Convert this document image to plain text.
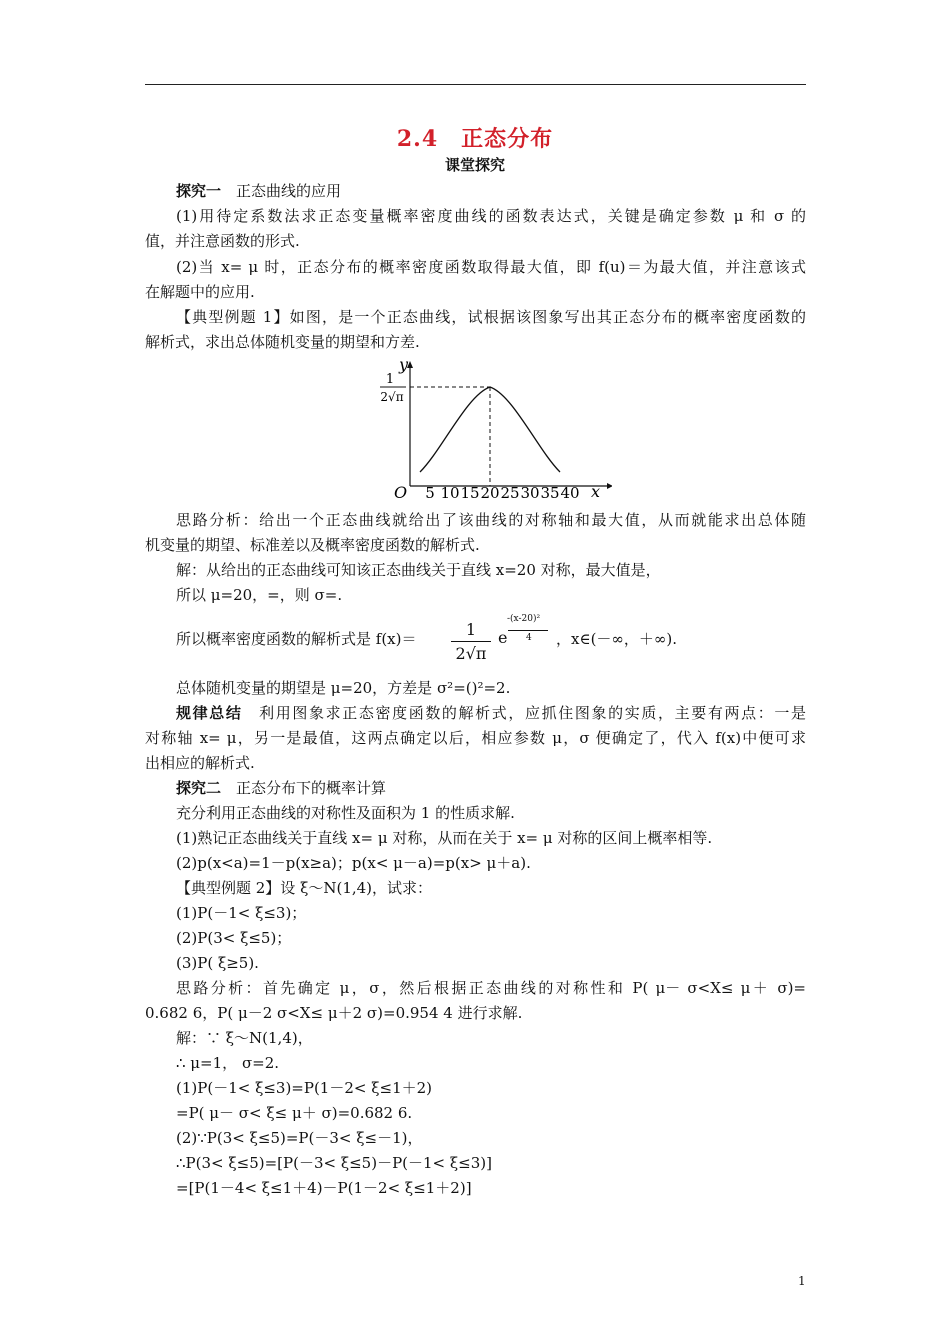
2.4　正态分布
课堂探究
探究一　正态曲线的应用
(1)用待定系数法求正态变量概率密度曲线的函数表达式，关键是确定参数 μ 和 σ 的
值，并注意函数的形式.
(2)当 x= μ 时，正态分布的概率密度函数取得最大值，即 f(u)＝为最大值，并注意该式
在解题中的应用.
【典型例题 1】如图，是一个正态曲线，试根据该图象写出其正态分布的概率密度函数的
解析式，求出总体随机变量的期望和方差.
y
x
O
1
2√π
5 10 15 20 25 30 35 40
思路分析：给出一个正态曲线就给出了该曲线的对称轴和最大值，从而就能求出总体随
机变量的期望、标准差以及概率密度函数的解析式.
解：从给出的正态曲线可知该正态曲线关于直线 x=20 对称，最大值是，
所以 μ=20，=，则 σ=.
所以概率密度函数的解析式是 f(x)＝	1
2√π
e
-(x-20)²
4 ，x∈(－∞，＋∞).
总体随机变量的期望是 μ=20，方差是 σ²=()²=2.
规律总结　利用图象求正态密度函数的解析式，应抓住图象的实质，主要有两点：一是
对称轴 x= μ，另一是最值，这两点确定以后，相应参数 μ，σ 便确定了，代入 f(x)中便可求
出相应的解析式.
探究二　正态分布下的概率计算
充分利用正态曲线的对称性及面积为 1 的性质求解.
(1)熟记正态曲线关于直线 x= μ 对称，从而在关于 x= μ 对称的区间上概率相等.
(2)p(x<a)=1－p(x≥a)；p(x< μ－a)=p(x> μ＋a).
【典型例题 2】设 ξ～N(1,4)，试求：
(1)P(－1< ξ≤3)；
(2)P(3< ξ≤5)；
(3)P( ξ≥5).
思路分析：首先确定 μ，σ，然后根据正态曲线的对称性和 P( μ－ σ<X≤ μ＋ σ)=
0.682 6，P( μ－2 σ<X≤ μ＋2 σ)=0.954 4 进行求解.
解：∵ ξ～N(1,4)，
∴ μ=1， σ=2.
(1)P(－1< ξ≤3)=P(1－2< ξ≤1＋2)
=P( μ－ σ< ξ≤ μ＋ σ)=0.682 6.
(2)∵P(3< ξ≤5)=P(－3< ξ≤－1)，
∴P(3< ξ≤5)=[P(－3< ξ≤5)－P(－1< ξ≤3)]
=[P(1－4< ξ≤1＋4)－P(1－2< ξ≤1＋2)]
1
